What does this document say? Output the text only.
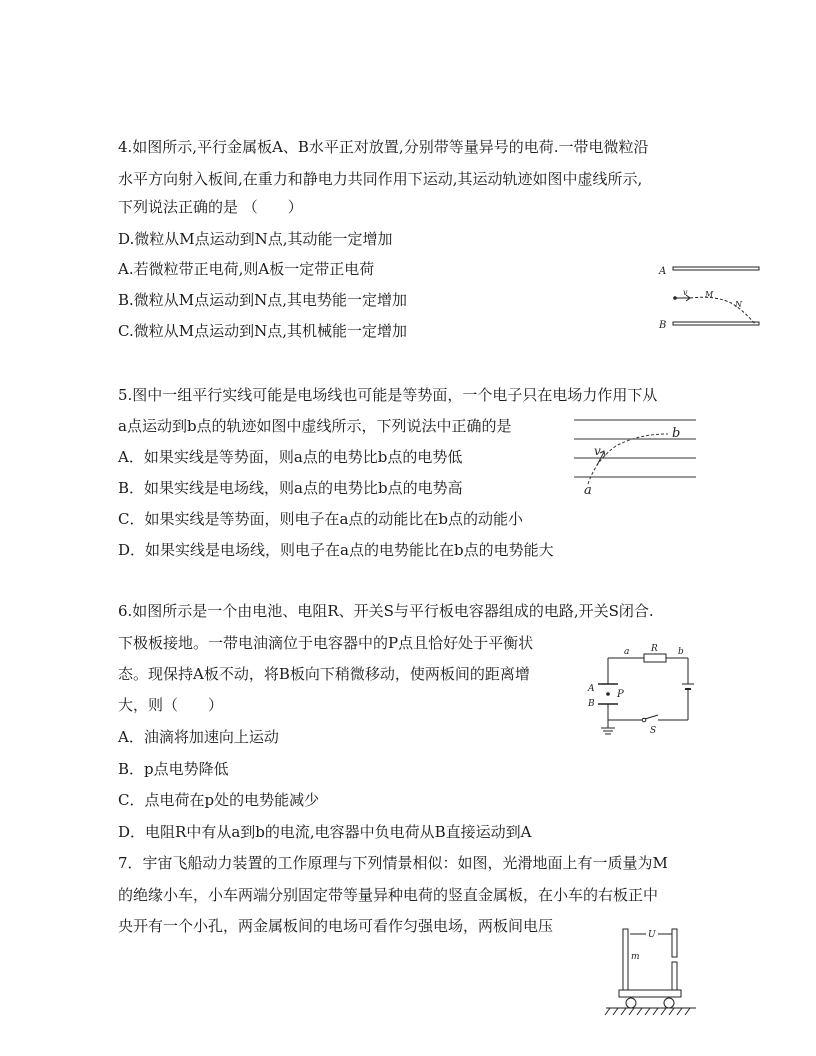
4.如图所示,平行金属板A、B水平正对放置,分别带等量异号的电荷.一带电微粒沿
水平方向射入板间,在重力和静电力共同作用下运动,其运动轨迹如图中虚线所示,
下列说法正确的是 （　　）
D.微粒从M点运动到N点,其动能一定增加
A.若微粒带正电荷,则A板一定带正电荷
B.微粒从M点运动到N点,其电势能一定增加
C.微粒从M点运动到N点,其机械能一定增加
A
v M
N
B
5.图中一组平行实线可能是电场线也可能是等势面，一个电子只在电场力作用下从
a点运动到b点的轨迹如图中虚线所示，下列说法中正确的是
A．如果实线是等势面，则a点的电势比b点的电势低
B．如果实线是电场线，则a点的电势比b点的电势高
C．如果实线是等势面，则电子在a点的动能比在b点的动能小
D．如果实线是电场线，则电子在a点的电势能比在b点的电势能大
v
a
b
6.如图所示是一个由电池、电阻R、开关S与平行板电容器组成的电路,开关S闭合.
下极板接地。一带电油滴位于电容器中的P点且恰好处于平衡状
态。现保持A板不动，将B板向下稍微移动，使两板间的距离增
大，则（　　）
A．油滴将加速向上运动
B．p点电势降低
C．点电荷在p处的电势能减少
D．电阻R中有从a到b的电流,电容器中负电荷从B直接运动到A
a R b
A
B
P
S
7．宇宙飞船动力装置的工作原理与下列情景相似：如图，光滑地面上有一质量为M
的绝缘小车，小车两端分别固定带等量异种电荷的竖直金属板，在小车的右板正中
央开有一个小孔，两金属板间的电场可看作匀强电场，两板间电压	U
m
